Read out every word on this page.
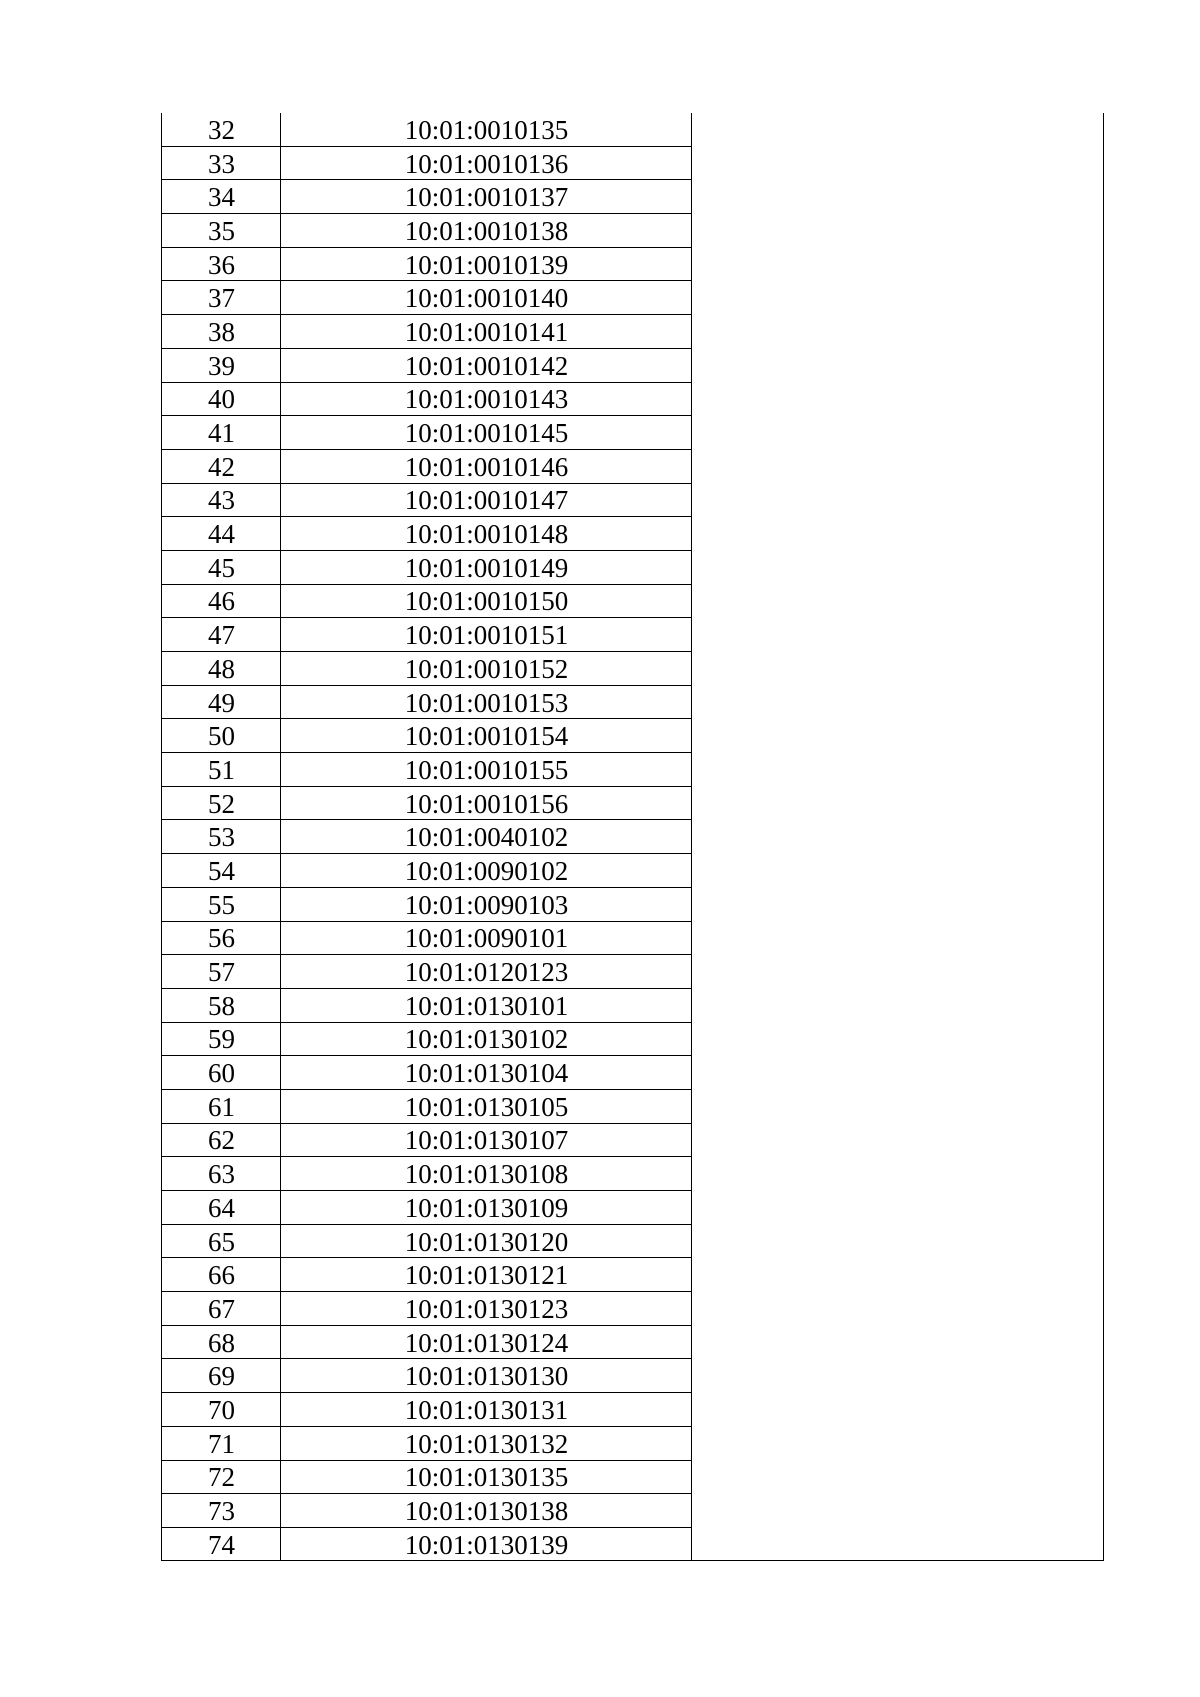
32	10:01:0010135
33	10:01:0010136
34	10:01:0010137
35	10:01:0010138
36	10:01:0010139
37	10:01:0010140
38	10:01:0010141
39	10:01:0010142
40	10:01:0010143
41	10:01:0010145
42	10:01:0010146
43	10:01:0010147
44	10:01:0010148
45	10:01:0010149
46	10:01:0010150
47	10:01:0010151
48	10:01:0010152
49	10:01:0010153
50	10:01:0010154
51	10:01:0010155
52	10:01:0010156
53	10:01:0040102
54	10:01:0090102
55	10:01:0090103
56	10:01:0090101
57	10:01:0120123
58	10:01:0130101
59	10:01:0130102
60	10:01:0130104
61	10:01:0130105
62	10:01:0130107
63	10:01:0130108
64	10:01:0130109
65	10:01:0130120
66	10:01:0130121
67	10:01:0130123
68	10:01:0130124
69	10:01:0130130
70	10:01:0130131
71	10:01:0130132
72	10:01:0130135
73	10:01:0130138
74	10:01:0130139
